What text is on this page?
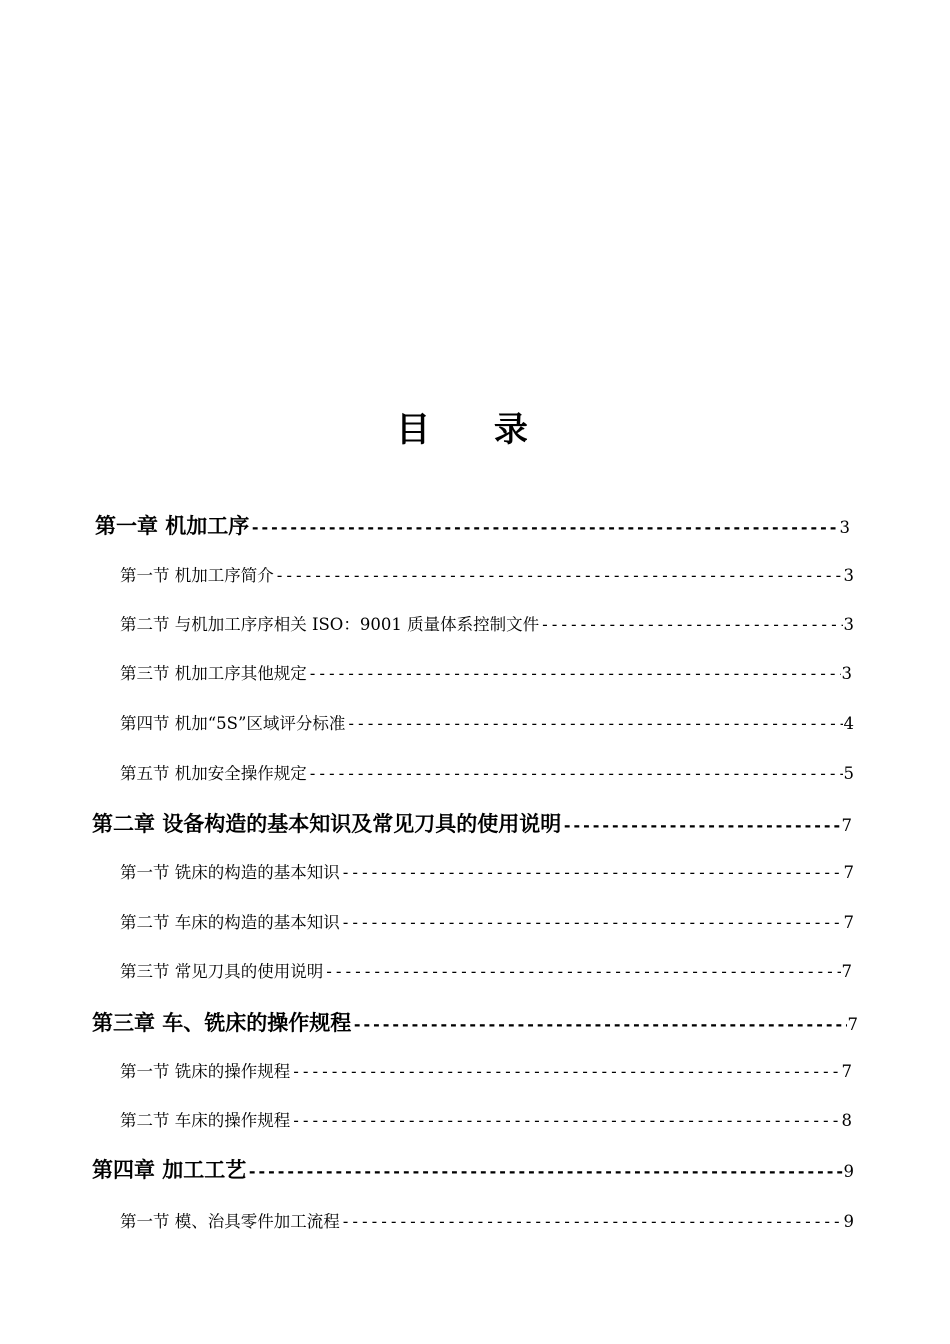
目 录
第一章 机加工序 -----	3
第一节 机加工序简介 -----	3
第二节 与机加工序序相关 ISO：9001 质量体系控制文件 -----	3
第三节 机加工序其他规定 -----	3
第四节 机加“5S”区域评分标准 -----	4
第五节 机加安全操作规定 -----	5
第二章 设备构造的基本知识及常见刀具的使用说明 -----	7
第一节 铣床的构造的基本知识 -----	7
第二节 车床的构造的基本知识 -----	7
第三节 常见刀具的使用说明 -----	7
第三章 车、铣床的操作规程 -----	7
第一节 铣床的操作规程 -----	7
第二节 车床的操作规程 -----	8
第四章 加工工艺 -----	9
第一节 模、治具零件加工流程 -----	9
